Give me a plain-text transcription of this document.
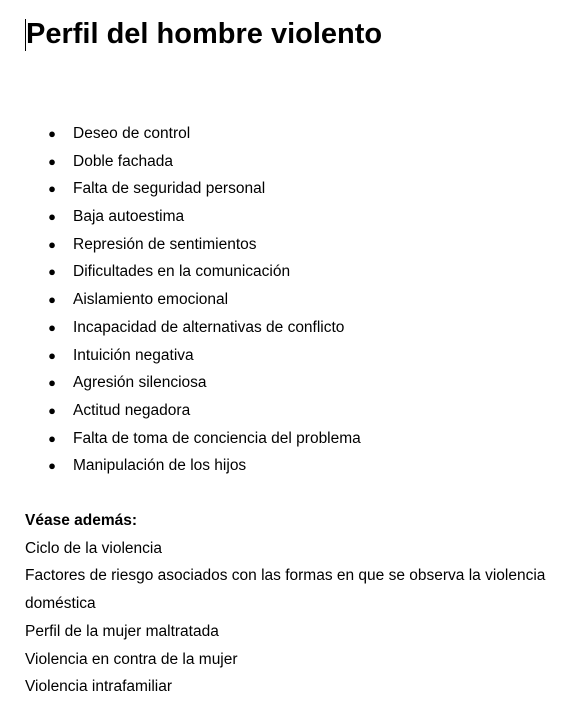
Perfil del hombre violento
● Deseo de control
● Doble fachada
● Falta de seguridad personal
● Baja autoestima
● Represión de sentimientos
● Dificultades en la comunicación
● Aislamiento emocional
● Incapacidad de alternativas de conflicto
● Intuición negativa
● Agresión silenciosa
● Actitud negadora
● Falta de toma de conciencia del problema
● Manipulación de los hijos

Véase además:

Ciclo de la violencia
Factores de riesgo asociados con las formas en que se observa la violencia doméstica
Perfil de la mujer maltratada
Violencia en contra de la mujer
Violencia intrafamiliar
